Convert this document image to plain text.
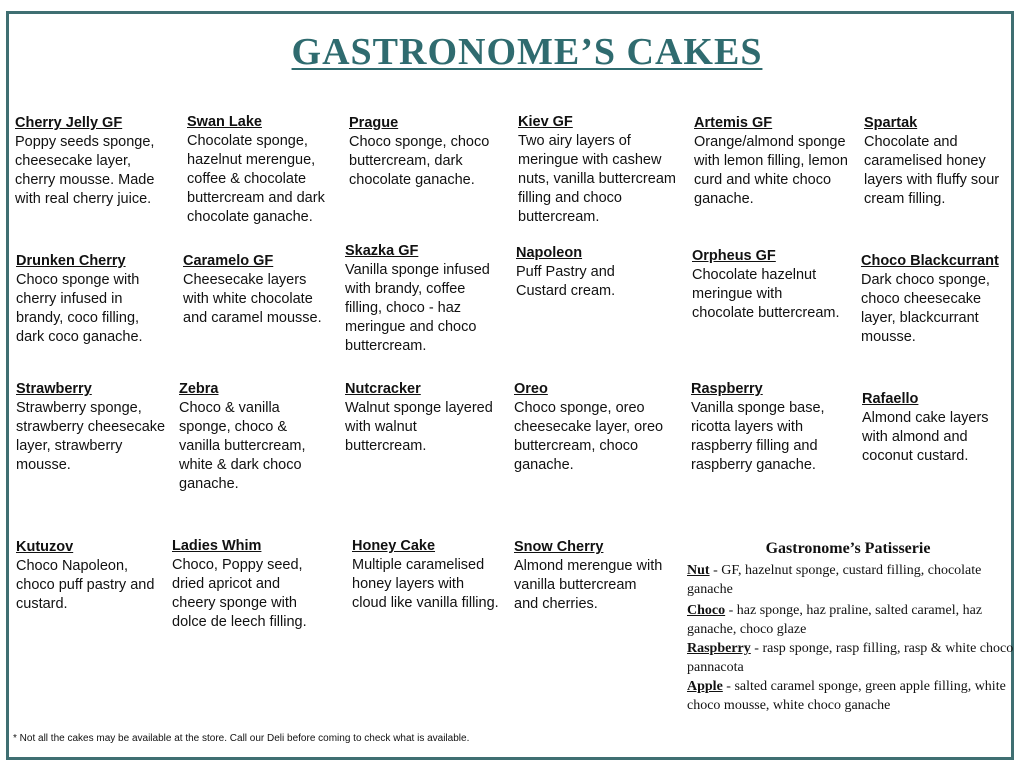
GASTRONOME’S CAKES
Cherry Jelly GF
Poppy seeds sponge, cheesecake layer, cherry mousse. Made with real cherry juice.
Swan Lake
Chocolate sponge, hazelnut merengue, coffee & chocolate buttercream and dark chocolate ganache.
Prague
Choco sponge, choco buttercream, dark chocolate ganache.
Kiev GF
Two airy layers of meringue with cashew nuts, vanilla buttercream filling and choco buttercream.
Artemis GF
Orange/almond sponge with lemon filling, lemon curd and white choco ganache.
Spartak
Chocolate and caramelised honey layers with fluffy sour cream filling.
Drunken Cherry
Choco sponge with cherry infused in brandy, coco filling, dark coco ganache.
Caramelo GF
Cheesecake layers with white chocolate and caramel mousse.
Skazka GF
Vanilla sponge infused with brandy, coffee filling, choco - haz meringue and choco buttercream.
Napoleon
Puff Pastry and Custard cream.
Orpheus GF
Chocolate hazelnut meringue with chocolate buttercream.
Choco Blackcurrant
Dark choco sponge, choco cheesecake layer, blackcurrant mousse.
Strawberry
Strawberry sponge, strawberry cheesecake layer, strawberry mousse.
Zebra
Choco & vanilla sponge, choco & vanilla buttercream, white & dark choco ganache.
Nutcracker
Walnut sponge layered with walnut buttercream.
Oreo
Choco sponge, oreo cheesecake layer, oreo buttercream, choco ganache.
Raspberry
Vanilla sponge base, ricotta layers with raspberry filling and raspberry ganache.
Rafaello
Almond cake layers with almond and coconut custard.
Kutuzov
Choco Napoleon, choco puff pastry and custard.
Ladies Whim
Choco, Poppy seed, dried apricot and cheery sponge with dolce de leech filling.
Honey Cake
Multiple caramelised honey layers with cloud like vanilla filling.
Snow Cherry
Almond merengue with vanilla buttercream and cherries.
Gastronome’s Patisserie
Nut - GF, hazelnut sponge, custard filling, chocolate ganache
Choco - haz sponge, haz praline, salted caramel, haz ganache, choco glaze
Raspberry - rasp sponge, rasp filling, rasp & white choco pannacota
Apple - salted caramel sponge, green apple filling, white choco mousse, white choco ganache
* Not all the cakes may be available at the store. Call our Deli before coming to check what is available.
